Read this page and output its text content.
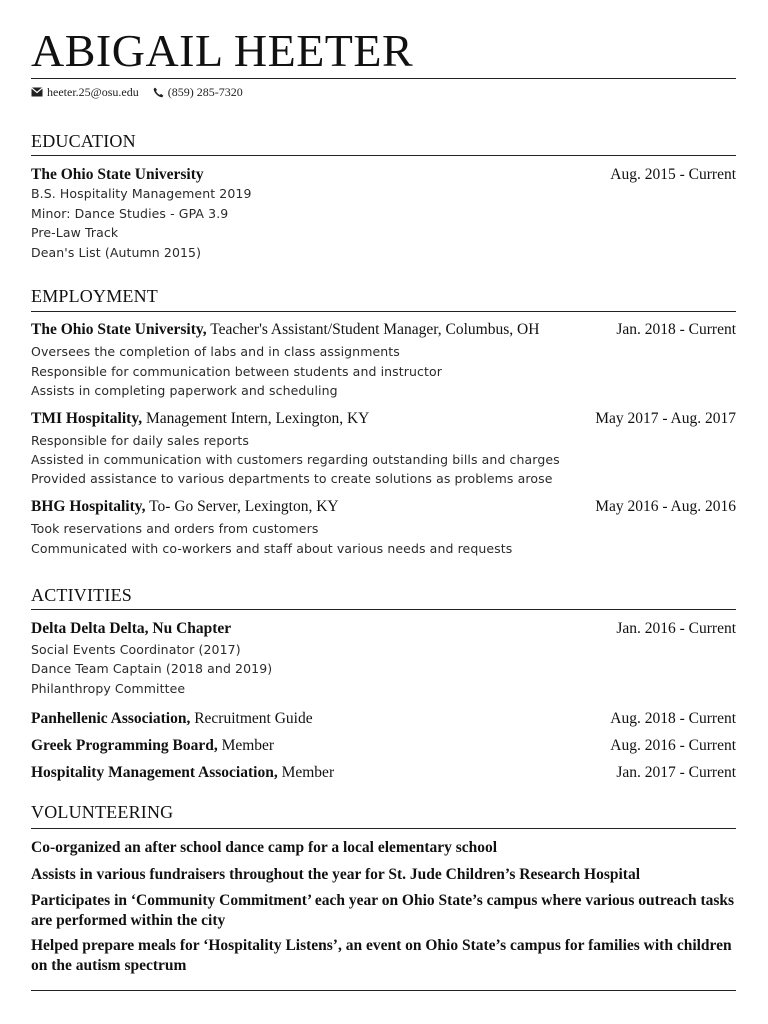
ABIGAIL HEETER
heeter.25@osu.edu (859) 285-7320
EDUCATION
The Ohio State University	Aug. 2015 - Current
B.S. Hospitality Management 2019
Minor: Dance Studies - GPA 3.9
Pre-Law Track
Dean's List (Autumn 2015)
EMPLOYMENT
The Ohio State University, Teacher's Assistant/Student Manager, Columbus, OH	Jan. 2018 - Current
Oversees the completion of labs and in class assignments
Responsible for communication between students and instructor
Assists in completing paperwork and scheduling
TMI Hospitality, Management Intern, Lexington, KY	May 2017 - Aug. 2017
Responsible for daily sales reports
Assisted in communication with customers regarding outstanding bills and charges
Provided assistance to various departments to create solutions as problems arose
BHG Hospitality, To- Go Server, Lexington, KY	May 2016 - Aug. 2016
Took reservations and orders from customers
Communicated with co-workers and staff about various needs and requests
ACTIVITIES
Delta Delta Delta, Nu Chapter	Jan. 2016 - Current
Social Events Coordinator (2017)
Dance Team Captain (2018 and 2019)
Philanthropy Committee
Panhellenic Association, Recruitment Guide	Aug. 2018 - Current
Greek Programming Board, Member	Aug. 2016 - Current
Hospitality Management Association, Member	Jan. 2017 - Current
VOLUNTEERING
Co-organized an after school dance camp for a local elementary school
Assists in various fundraisers throughout the year for St. Jude Children’s Research Hospital
Participates in ‘Community Commitment’ each year on Ohio State’s campus where various outreach tasks are performed within the city
Helped prepare meals for ‘Hospitality Listens’, an event on Ohio State’s campus for families with children on the autism spectrum
